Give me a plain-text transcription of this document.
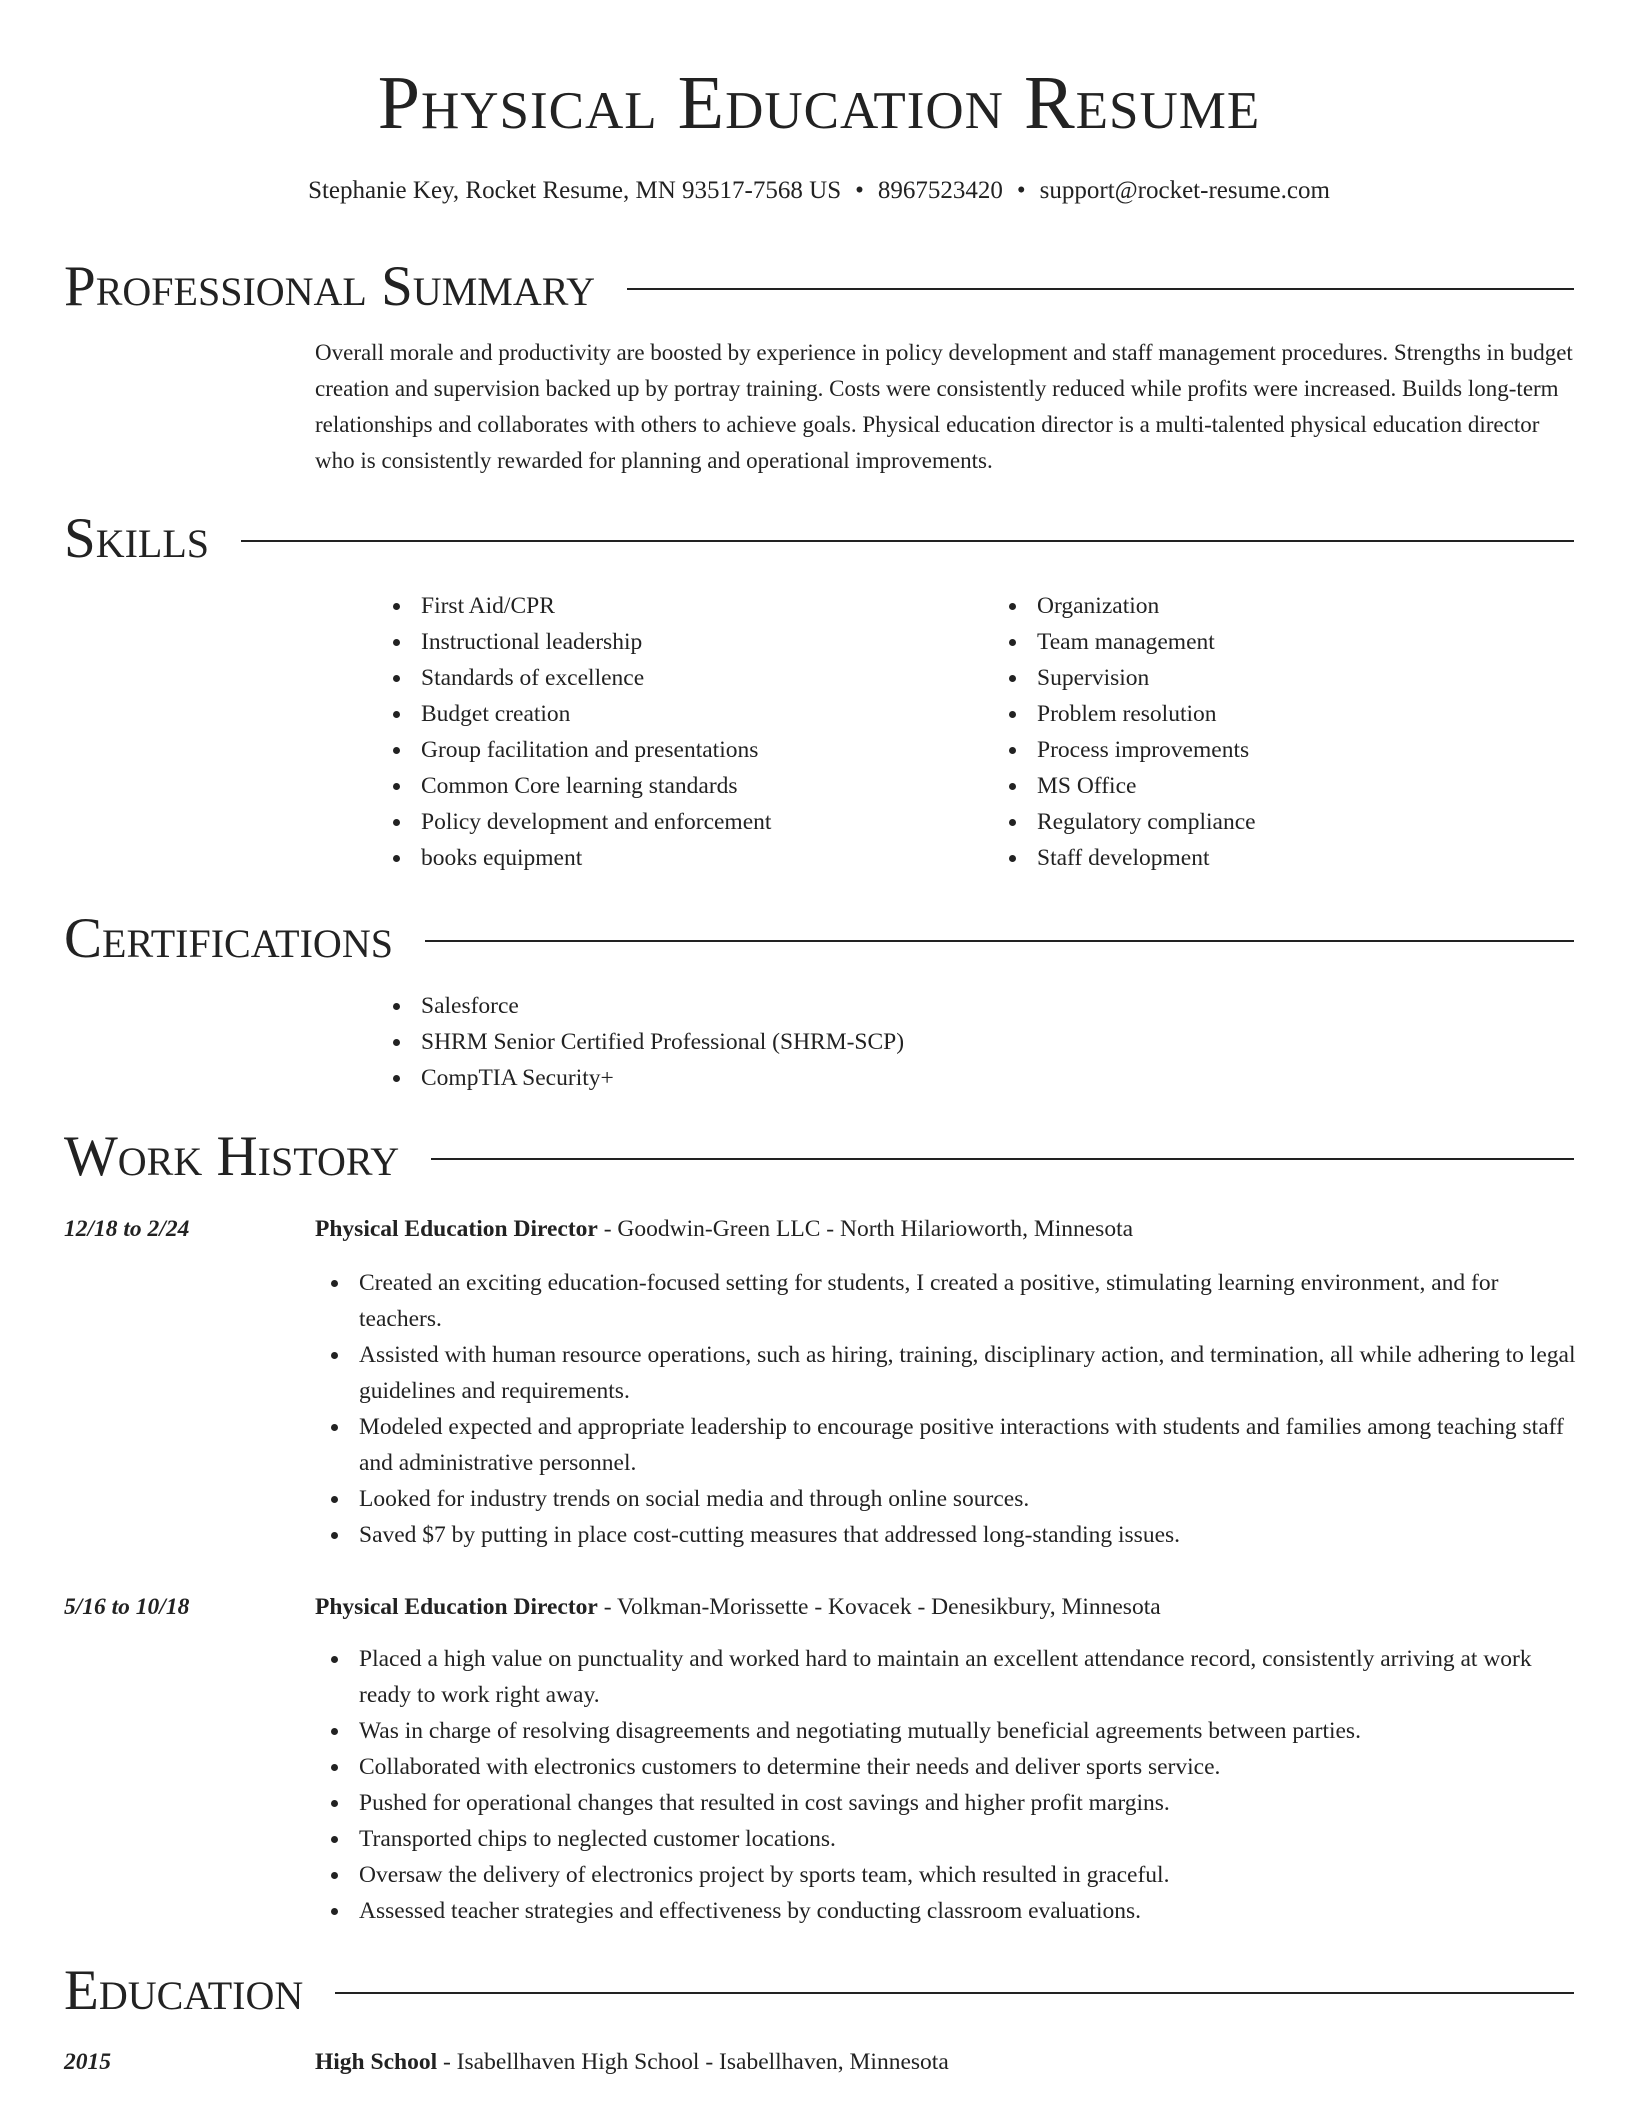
Physical Education Resume
Stephanie Key, Rocket Resume, MN 93517-7568 US • 8967523420 • support@rocket-resume.com
Professional Summary

Overall morale and productivity are boosted by experience in policy development and staff management procedures. Strengths in budget creation and supervision backed up by portray training. Costs were consistently reduced while profits were increased. Builds long-term relationships and collaborates with others to achieve goals. Physical education director is a multi-talented physical education director who is consistently rewarded for planning and operational improvements.

Skills
First Aid/CPR
Instructional leadership
Standards of excellence
Budget creation
Group facilitation and presentations
Common Core learning standards
Policy development and enforcement
books equipment
Organization
Team management
Supervision
Problem resolution
Process improvements
MS Office
Regulatory compliance
Staff development
Certifications
Salesforce
SHRM Senior Certified Professional (SHRM-SCP)
CompTIA Security+
Work History
12/18 to 2/24	Physical Education Director - Goodwin-Green LLC - North Hilarioworth, Minnesota
Created an exciting education-focused setting for students, I created a positive, stimulating learning environment, and for teachers.
Assisted with human resource operations, such as hiring, training, disciplinary action, and termination, all while adhering to legal guidelines and requirements.
Modeled expected and appropriate leadership to encourage positive interactions with students and families among teaching staff and administrative personnel.
Looked for industry trends on social media and through online sources.
Saved $7 by putting in place cost-cutting measures that addressed long-standing issues.
5/16 to 10/18	Physical Education Director - Volkman-Morissette - Kovacek - Denesikbury, Minnesota
Placed a high value on punctuality and worked hard to maintain an excellent attendance record, consistently arriving at work ready to work right away.
Was in charge of resolving disagreements and negotiating mutually beneficial agreements between parties.
Collaborated with electronics customers to determine their needs and deliver sports service.
Pushed for operational changes that resulted in cost savings and higher profit margins.
Transported chips to neglected customer locations.
Oversaw the delivery of electronics project by sports team, which resulted in graceful.
Assessed teacher strategies and effectiveness by conducting classroom evaluations.
Education
2015	High School - Isabellhaven High School - Isabellhaven, Minnesota
